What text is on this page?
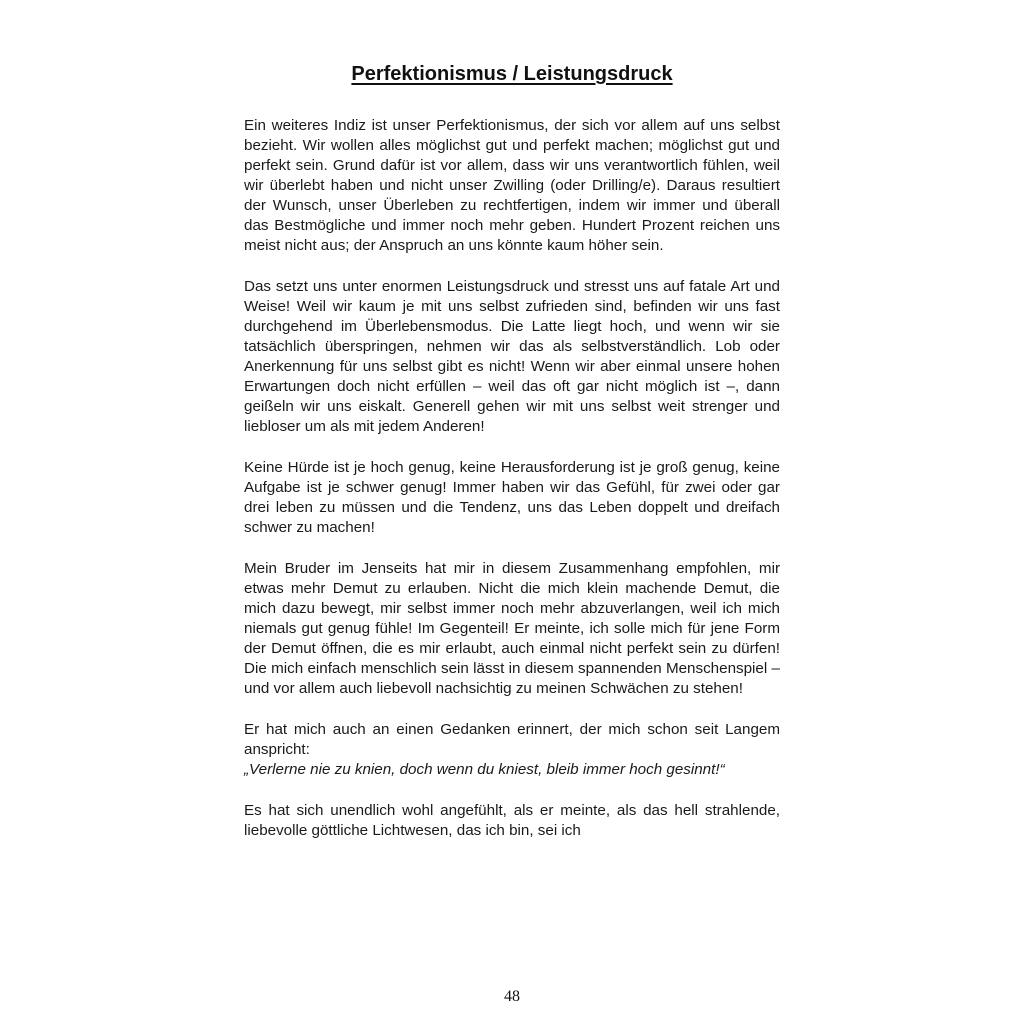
Perfektionismus / Leistungsdruck

Ein weiteres Indiz ist unser Perfektionismus, der sich vor allem auf uns selbst bezieht. Wir wollen alles möglichst gut und perfekt machen; möglichst gut und perfekt sein. Grund dafür ist vor allem, dass wir uns verantwortlich fühlen, weil wir überlebt haben und nicht unser Zwilling (oder Drilling/e). Daraus resultiert der Wunsch, unser Überleben zu rechtfertigen, indem wir immer und überall das Bestmögliche und immer noch mehr geben. Hundert Prozent reichen uns meist nicht aus; der Anspruch an uns könnte kaum höher sein.

Das setzt uns unter enormen Leistungsdruck und stresst uns auf fatale Art und Weise! Weil wir kaum je mit uns selbst zufrieden sind, befinden wir uns fast durchgehend im Überlebensmodus. Die Latte liegt hoch, und wenn wir sie tatsächlich überspringen, nehmen wir das als selbstverständlich. Lob oder Anerkennung für uns selbst gibt es nicht! Wenn wir aber einmal unsere hohen Erwartungen doch nicht erfüllen – weil das oft gar nicht möglich ist –, dann geißeln wir uns eiskalt. Generell gehen wir mit uns selbst weit strenger und liebloser um als mit jedem Anderen!

Keine Hürde ist je hoch genug, keine Herausforderung ist je groß genug, keine Aufgabe ist je schwer genug! Immer haben wir das Gefühl, für zwei oder gar drei leben zu müssen und die Tendenz, uns das Leben doppelt und dreifach schwer zu machen!

Mein Bruder im Jenseits hat mir in diesem Zusammenhang empfohlen, mir etwas mehr Demut zu erlauben. Nicht die mich klein machende Demut, die mich dazu bewegt, mir selbst immer noch mehr abzuverlangen, weil ich mich niemals gut genug fühle! Im Gegenteil! Er meinte, ich solle mich für jene Form der Demut öffnen, die es mir erlaubt, auch einmal nicht perfekt sein zu dürfen! Die mich einfach menschlich sein lässt in diesem spannenden Menschenspiel – und vor allem auch liebevoll nachsichtig zu meinen Schwächen zu stehen!

Er hat mich auch an einen Gedanken erinnert, der mich schon seit Langem anspricht:
„Verlerne nie zu knien, doch wenn du kniest, bleib immer hoch gesinnt!“

Es hat sich unendlich wohl angefühlt, als er meinte, als das hell strahlende, liebevolle göttliche Lichtwesen, das ich bin, sei ich

48
